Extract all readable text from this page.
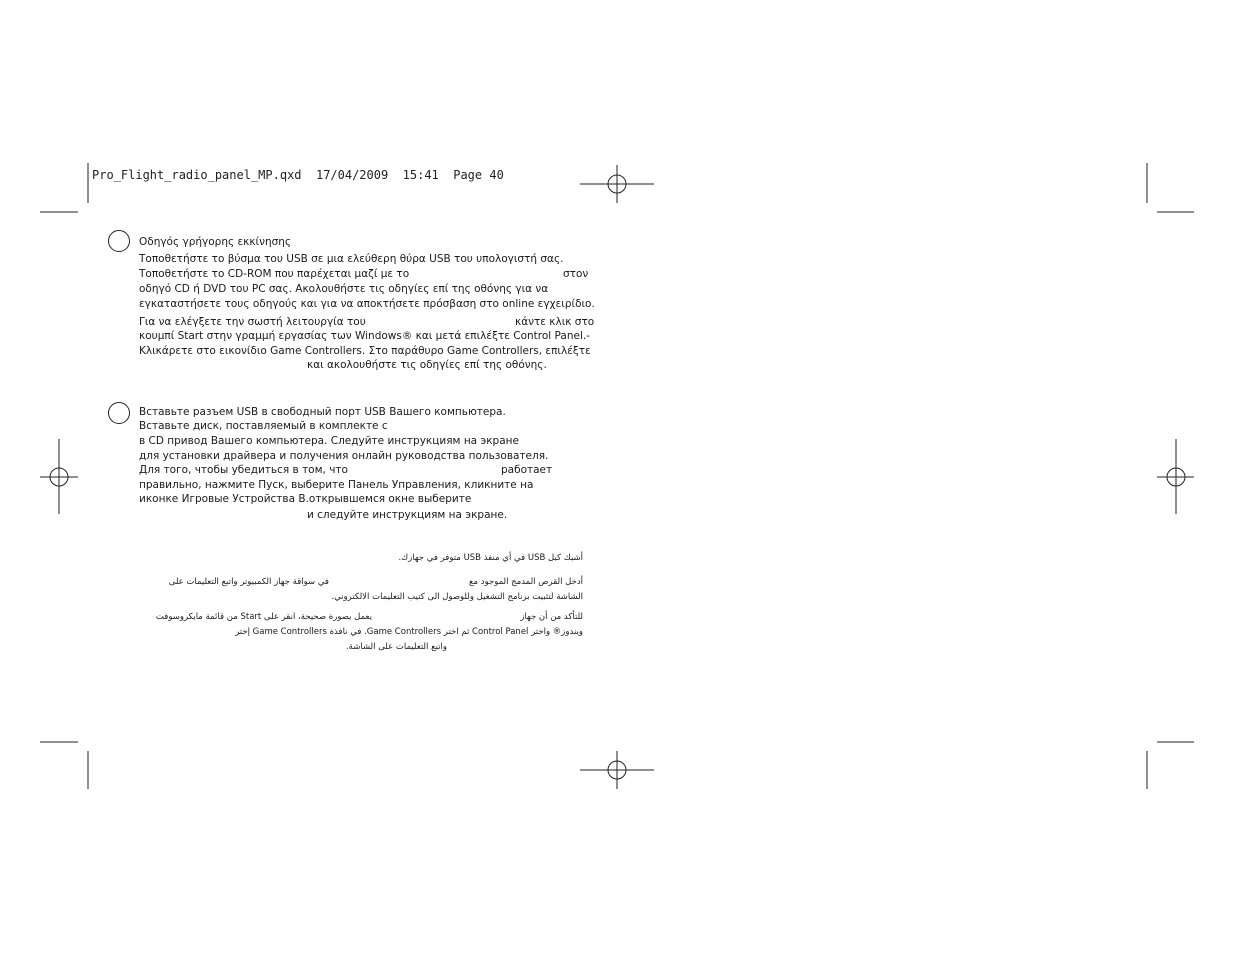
Pro_Flight_radio_panel_MP.qxd  17/04/2009  15:41  Page 40
Οδηγός γρήγορης εκκίνησης
Τοποθετήστε το βύσμα του USB σε μια ελεύθερη θύρα USB του υπολογιστή σας.
Τοποθετήστε το CD-ROM που παρέχεται μαζί με το	στον
οδηγό CD ή DVD του PC σας. Ακολουθήστε τις οδηγίες επί της οθόνης για να
εγκαταστήσετε τους οδηγούς και για να αποκτήσετε πρόσβαση στο online εγχειρίδιο.
Για να ελέγξετε την σωστή λειτουργία του	κάντε κλικ στο
κουμπί Start στην γραμμή εργασίας των Windows® και μετά επιλέξτε Control Panel.-
Κλικάρετε στο εικονίδιο Game Controllers. Στο παράθυρο Game Controllers, επιλέξτε
και ακολουθήστε τις οδηγίες επί της οθόνης.
Вставьте разъем USB в свободный порт USB Вашего компьютера.
Вставьте диск, поставляемый в комплекте с
в CD привод Вашего компьютера. Следуйте инструкциям на экране
для установки драйвера и получения онлайн руководства пользователя.
Для того, чтобы убедиться в том, что	работает
правильно, нажмите Пуск, выберите Панель Управления, кликните на
иконке Игровые Устройства В.открывшемся окне выберите
и следуйте инструкциям на экране.
أشبك كبل USB في أي منفذ USB متوفر في جهازك.
أدخل القرص المدمج الموجود مع
في سواقة جهاز الكمبيوتر واتبع التعليمات على
الشاشة لتثبيت برنامج التشغيل وللوصول الى كتيب التعليمات الالكتروني.
للتأكد من أن جهاز
يعمل بصورة صحيحة، انقر على Start من قائمة مايكروسوفت
ويندوز® واختر Control Panel ثم اختر Game Controllers. في نافذة Game Controllers إختر
واتبع التعليمات على الشاشة.
